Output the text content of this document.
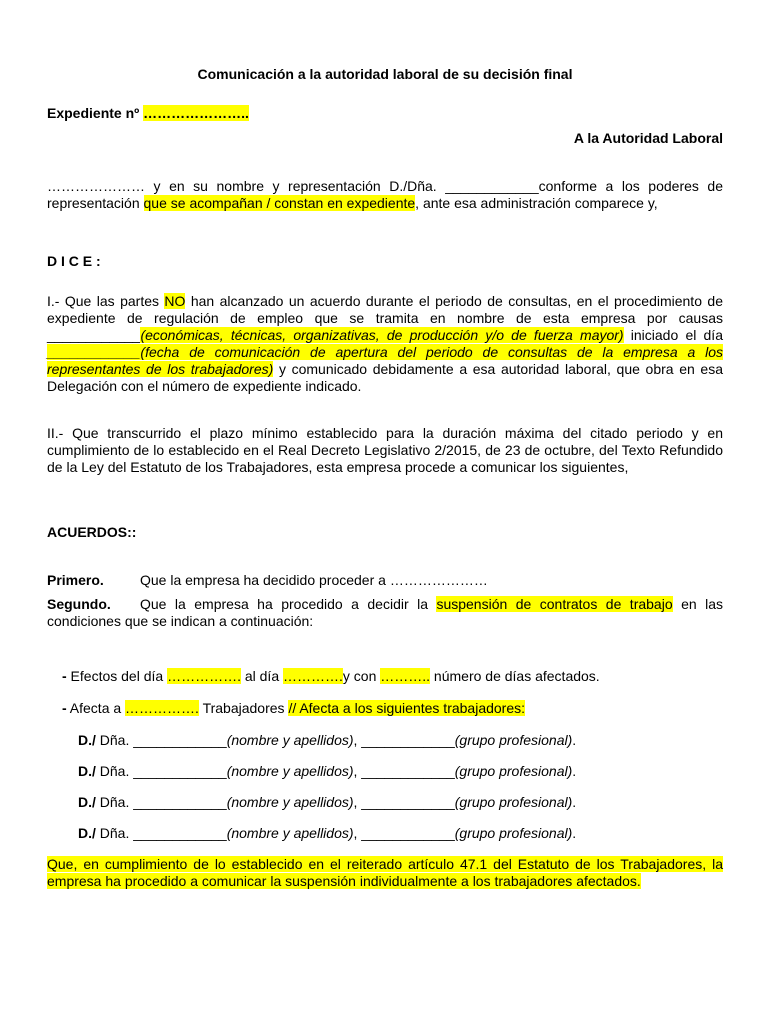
Comunicación a la autoridad laboral de su decisión final
Expediente nº …………………..
A la Autoridad Laboral
………………… y en su nombre y representación D./Dña. ____________conforme a los poderes de representación que se acompañan / constan en expediente, ante esa administración comparece y,
D I C E :
I.- Que las partes NO han alcanzado un acuerdo durante el periodo de consultas, en el procedimiento de expediente de regulación de empleo que se tramita en nombre de esta empresa por causas ____________(económicas, técnicas, organizativas, de producción y/o de fuerza mayor) iniciado el día ____________(fecha de comunicación de apertura del periodo de consultas de la empresa a los representantes de los trabajadores) y comunicado debidamente a esa autoridad laboral, que obra en esa Delegación con el número de expediente indicado.
II.- Que transcurrido el plazo mínimo establecido para la duración máxima del citado periodo y en cumplimiento de lo establecido en el Real Decreto Legislativo 2/2015, de 23 de octubre, del Texto Refundido de la Ley del Estatuto de los Trabajadores, esta empresa procede a comunicar los siguientes,
ACUERDOS::
Primero.	Que la empresa ha decidido proceder a …………………
Segundo. Que la empresa ha procedido a decidir la suspensión de contratos de trabajo en las condiciones que se indican a continuación:
- Efectos del día ……………. al día ………….y con ……….. número de días afectados.
- Afecta a ……………. Trabajadores // Afecta a los siguientes trabajadores:
D./ Dña. ____________(nombre y apellidos), ____________(grupo profesional).
D./ Dña. ____________(nombre y apellidos), ____________(grupo profesional).
D./ Dña. ____________(nombre y apellidos), ____________(grupo profesional).
D./ Dña. ____________(nombre y apellidos), ____________(grupo profesional).
Que, en cumplimiento de lo establecido en el reiterado artículo 47.1 del Estatuto de los Trabajadores, la empresa ha procedido a comunicar la suspensión individualmente a los trabajadores afectados.
